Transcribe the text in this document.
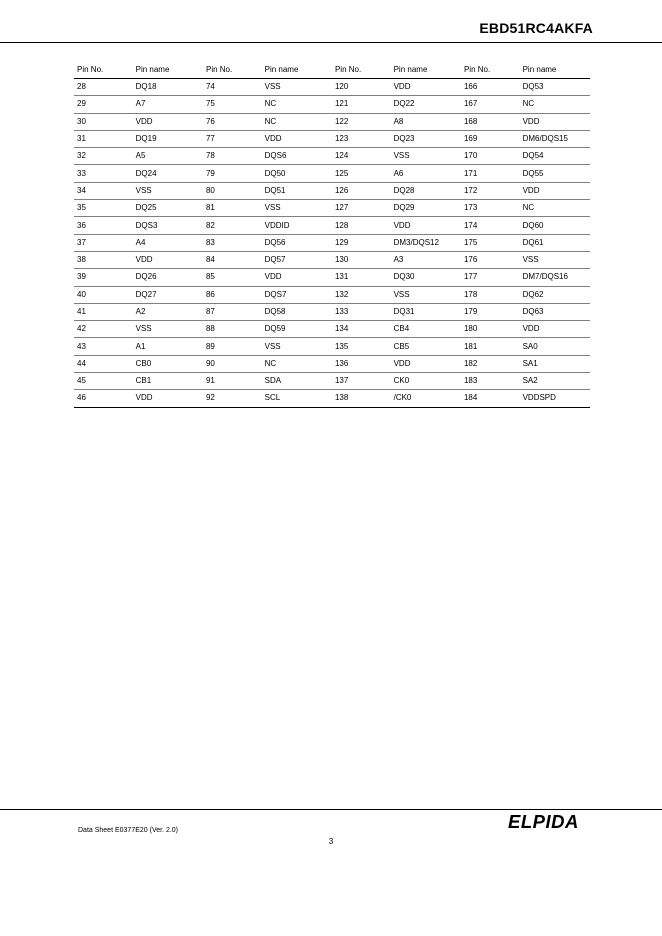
EBD51RC4AKFA
Pin No.	Pin name	Pin No.	Pin name	Pin No.	Pin name	Pin No.	Pin name
28	DQ18	74	VSS	120	VDD	166	DQ53
29	A7	75	NC	121	DQ22	167	NC
30	VDD	76	NC	122	A8	168	VDD
31	DQ19	77	VDD	123	DQ23	169	DM6/DQS15
32	A5	78	DQS6	124	VSS	170	DQ54
33	DQ24	79	DQ50	125	A6	171	DQ55
34	VSS	80	DQ51	126	DQ28	172	VDD
35	DQ25	81	VSS	127	DQ29	173	NC
36	DQS3	82	VDDID	128	VDD	174	DQ60
37	A4	83	DQ56	129	DM3/DQS12	175	DQ61
38	VDD	84	DQ57	130	A3	176	VSS
39	DQ26	85	VDD	131	DQ30	177	DM7/DQS16
40	DQ27	86	DQS7	132	VSS	178	DQ62
41	A2	87	DQ58	133	DQ31	179	DQ63
42	VSS	88	DQ59	134	CB4	180	VDD
43	A1	89	VSS	135	CB5	181	SA0
44	CB0	90	NC	136	VDD	182	SA1
45	CB1	91	SDA	137	CK0	183	SA2
46	VDD	92	SCL	138	/CK0	184	VDDSPD
Data Sheet E0377E20 (Ver. 2.0)
3
ELPIDA
